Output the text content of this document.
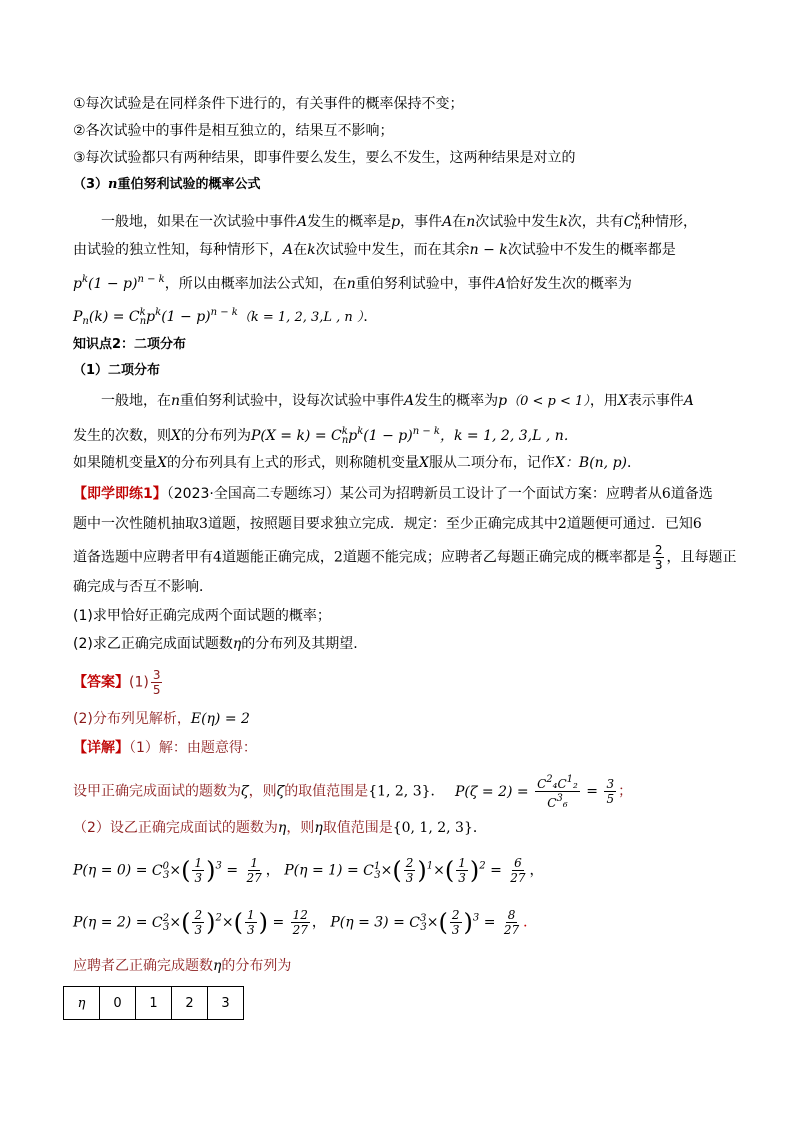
①每次试验是在同样条件下进行的，有关事件的概率保持不变；
②各次试验中的事件是相互独立的，结果互不影响；
③每次试验都只有两种结果，即事件要么发生，要么不发生，这两种结果是对立的
（3）n重伯努利试验的概率公式
一般地，如果在一次试验中事件A发生的概率是p，事件A在n次试验中发生k次，共有$C^k_n$种情形，
由试验的独立性知，每种情形下，A在k次试验中发生，而在其余n − k次试验中不发生的概率都是
$p^k(1 - p)^{n - k}$，所以由概率加法公式知，在n重伯努利试验中，事件A恰好发生次的概率为
$P_n(k) = C^k_np^k(1 - p)^{n - k}(k = 1$, 2, 3,L , n ）．
知识点2：二项分布
（1）二项分布
一般地，在n重伯努利试验中，设每次试验中事件A发生的概率为p（0 < p < 1），用X表示事件A
发生的次数，则X的分布列为$P(X = k) = C^k_np^k(1 - p)^{n - k}$，k = 1, 2, 3,L , n．
如果随机变量X的分布列具有上式的形式，则称随机变量X服从二项分布，记作X：B(n, p)．
【即学即练1】（2023·全国高二专题练习）某公司为招聘新员工设计了一个面试方案：应聘者从6道备选
题中一次性随机抽取3道题，按照题目要求独立完成．规定：至少正确完成其中2道题便可通过．已知6
道备选题中应聘者甲有4道题能正确完成，2道题不能完成；应聘者乙每题正确完成的概率都是 $\frac{2}{3}$ ，且每题正
确完成与否互不影响．
(1)求甲恰好正确完成两个面试题的概率；
(2)求乙正确完成面试题数η的分布列及其期望.
【答案】$(1) \frac{3}{5}$
(2)分布列见解析，E(η) = 2
【详解】（1）解：由题意得：
设甲正确完成面试的题数为ζ，则ζ的取值范围是{1, 2, 3}． $P(\zeta = 2) = \frac{C^2_4C^1_2}{C^3_6} = \frac{3}{5}$ ；
（2）设乙正确完成面试的题数为η，则η取值范围是{0, 1, 2, 3}．
$P(\eta = 0) = C^0_3\times( \frac{1}{3} )^3 = \frac{1}{27}$ ， $P(\eta = 1) = C^1_3\times( \frac{2}{3} )^1\times( \frac{1}{3} )^2 = \frac{6}{27}$ ，
$P(\eta = 2) = C^2_3\times( \frac{2}{3} )^2\times( \frac{1}{3}$ ) = $\frac{12}{27}$ ， $P(\eta = 3) = C^3_3\times( \frac{2}{3} )^3 = \frac{8}{27}$ ．
应聘者乙正确完成题数η的分布列为
η	0	1	2	3
